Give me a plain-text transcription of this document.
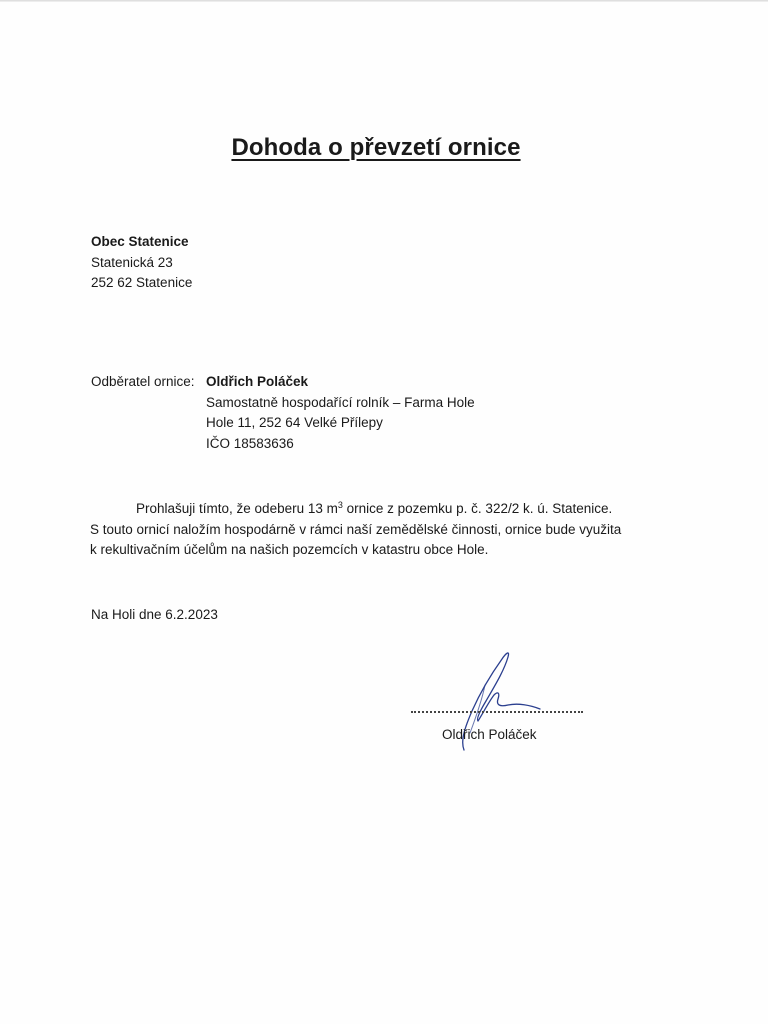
Dohoda o převzetí ornice
Obec Statenice
Statenická 23
252 62 Statenice
Odběratel ornice: Oldřich Poláček
Samostatně hospodařící rolník – Farma Hole
Hole 11, 252 64 Velké Přílepy
IČO 18583636
Prohlašuji tímto, že odeberu 13 $m^3$ ornice z pozemku p. č. 322/2 k. ú. Statenice.
S touto ornicí naložím hospodárně v rámci naší zemědělské činnosti, ornice bude využita
k rekultivačním účelům na našich pozemcích v katastru obce Hole.
Na Holi dne 6.2.2023
Oldřich Poláček
